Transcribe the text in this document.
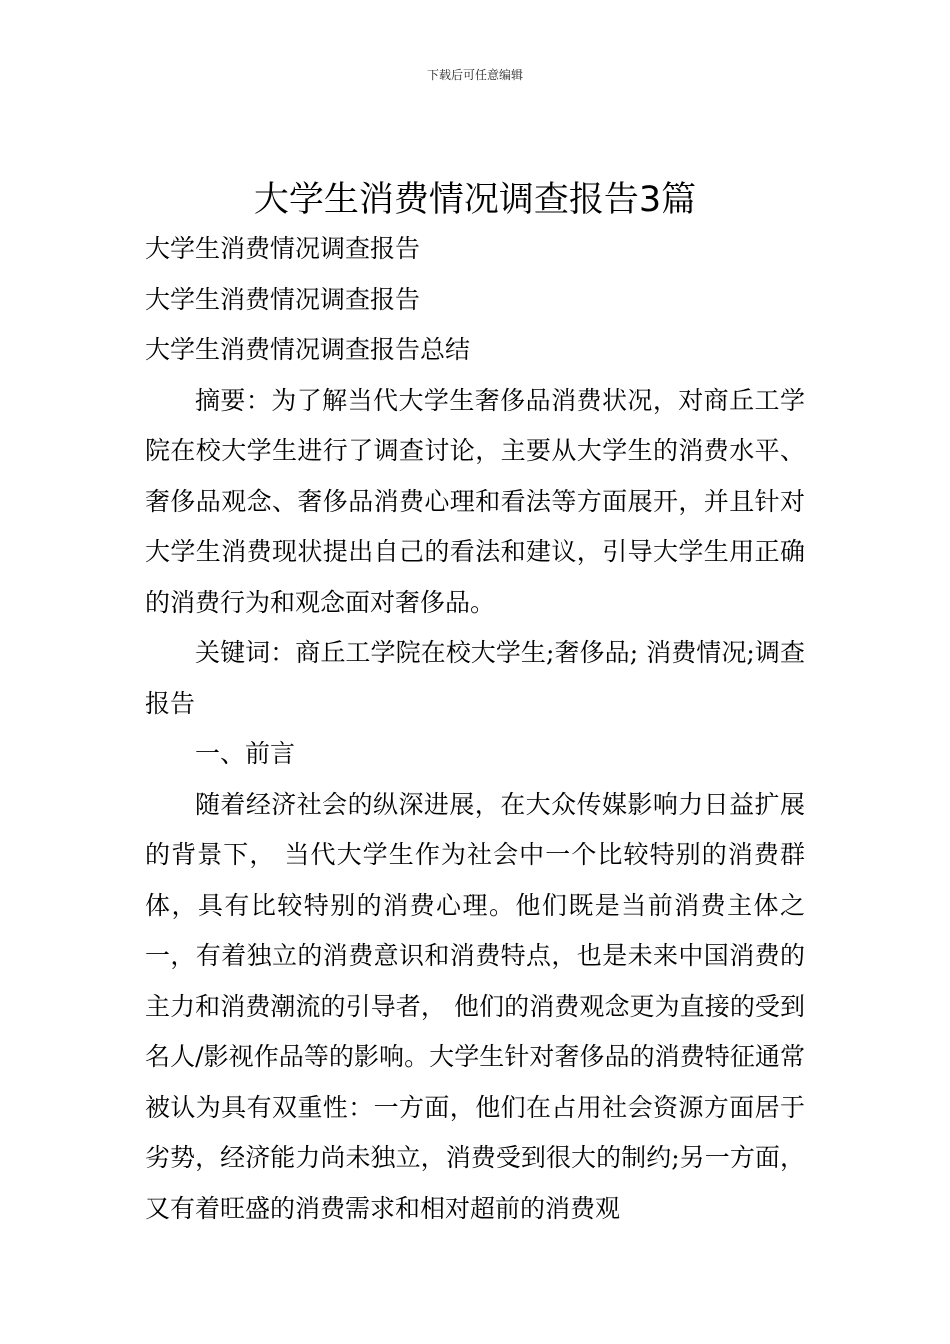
下载后可任意编辑
大学生消费情况调查报告3篇

大学生消费情况调查报告

大学生消费情况调查报告

大学生消费情况调查报告总结

摘要：为了解当代大学生奢侈品消费状况，对商丘工学院在校大学生进行了调查讨论，主要从大学生的消费水平、奢侈品观念、奢侈品消费心理和看法等方面展开，并且针对大学生消费现状提出自己的看法和建议，引导大学生用正确的消费行为和观念面对奢侈品。

关键词：商丘工学院在校大学生;奢侈品; 消费情况;调查报告

一、前言

随着经济社会的纵深进展，在大众传媒影响力日益扩展的背景下， 当代大学生作为社会中一个比较特别的消费群体，具有比较特别的消费心理。他们既是当前消费主体之一，有着独立的消费意识和消费特点，也是未来中国消费的主力和消费潮流的引导者， 他们的消费观念更为直接的受到名人/影视作品等的影响。大学生针对奢侈品的消费特征通常被认为具有双重性：一方面，他们在占用社会资源方面居于劣势，经济能力尚未独立，消费受到很大的制约;另一方面，又有着旺盛的消费需求和相对超前的消费观
